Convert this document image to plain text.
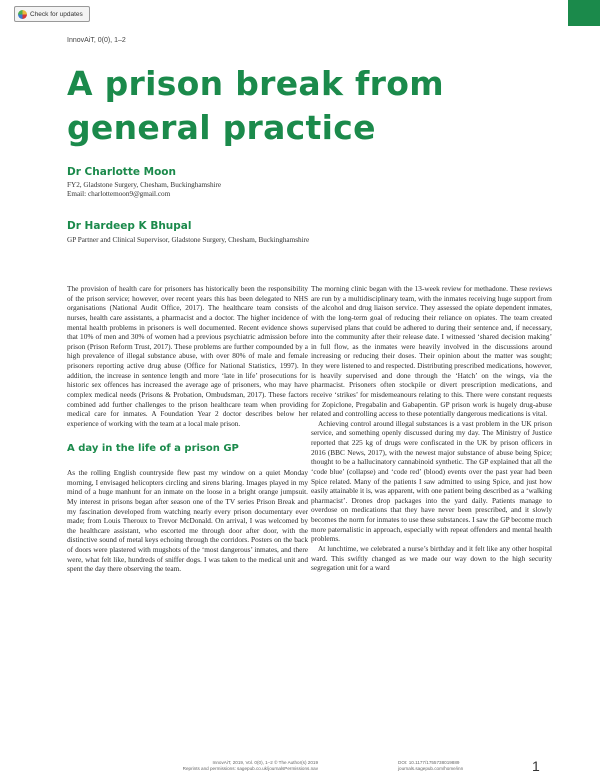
Check for updates
InnovAiT, 0(0), 1–2
A prison break from general practice

Dr Charlotte Moon

FY2, Gladstone Surgery, Chesham, Buckinghamshire

Email: charlottemoon9@gmail.com

Dr Hardeep K Bhupal

GP Partner and Clinical Supervisor, Gladstone Surgery, Chesham, Buckinghamshire

The provision of health care for prisoners has historically been the responsibility of the prison service; however, over recent years this has been delegated to NHS organisations (National Audit Office, 2017). The healthcare team consists of nurses, health care assistants, a pharmacist and a doctor. The higher incidence of mental health problems in prisoners is well documented. Recent evidence shows that 10% of men and 30% of women had a previous psychiatric admission before prison (Prison Reform Trust, 2017). These problems are further compounded by a high prevalence of illegal substance abuse, with over 80% of male and female prisoners reporting active drug abuse (Office for National Statistics, 1997). In addition, the increase in sentence length and more ‘late in life’ prosecutions for historic sex offences has increased the average age of prisoners, who may have complex medical needs (Prisons & Probation, Ombudsman, 2017). These factors combined add further challenges to the prison healthcare team when providing medical care for inmates. A Foundation Year 2 doctor describes below her experience of working with the team at a local male prison.

A day in the life of a prison GP

As the rolling English countryside flew past my window on a quiet Monday morning, I envisaged helicopters circling and sirens blaring. Images played in my mind of a huge manhunt for an inmate on the loose in a bright orange jumpsuit. My interest in prisons began after season one of the TV series Prison Break and my fascination developed from watching nearly every prison documentary ever made; from Louis Theroux to Trevor McDonald. On arrival, I was welcomed by the healthcare assistant, who escorted me through door after door, with the distinctive sound of metal keys echoing through the corridors. Posters on the back of doors were plastered with mugshots of the ‘most dangerous’ inmates, and there were, what felt like, hundreds of sniffer dogs. I was taken to the medical unit and spent the day there observing the team.

The morning clinic began with the 13-week review for methadone. These reviews are run by a multidisciplinary team, with the inmates receiving huge support from the alcohol and drug liaison service. They assessed the opiate dependent inmates, with the long-term goal of reducing their reliance on opiates. The team created supervised plans that could be adhered to during their sentence and, if necessary, into the community after their release date. I witnessed ‘shared decision making’ in full flow, as the inmates were heavily involved in the discussions around increasing or reducing their doses. Their opinion about the matter was sought; they were listened to and respected. Distributing prescribed medications, however, is heavily supervised and done through the ‘Hatch’ on the wings, via the pharmacist. Prisoners often stockpile or divert prescription medications, and receive ‘strikes’ for misdemeanours relating to this. There were constant requests for Zopiclone, Pregabalin and Gabapentin. GP prison work is hugely drug-abuse related and controlling access to these potentially dangerous medications is vital.

Achieving control around illegal substances is a vast problem in the UK prison service, and something openly discussed during my day. The Ministry of Justice reported that 225 kg of drugs were confiscated in the UK by prison officers in 2016 (BBC News, 2017), with the newest major substance of abuse being Spice; thought to be a hallucinatory cannabinoid synthetic. The GP explained that all the ‘code blue’ (collapse) and ‘code red’ (blood) events over the past year had been Spice related. Many of the patients I saw admitted to using Spice, and just how easily attainable it is, was apparent, with one patient being described as a ‘walking pharmacist’. Drones drop packages into the yard daily. Patients manage to overdose on medications that they have never been prescribed, and it slowly becomes the norm for inmates to use these substances. I saw the GP become much more paternalistic in approach, especially with repeat offenders and mental health problems.

At lunchtime, we celebrated a nurse’s birthday and it felt like any other hospital ward. This swiftly changed as we made our way down to the high security segregation unit for a ward

InnovAiT, 2019, Vol. 0(0), 1–2 © The Author(s) 2019
Reprints and permissions: sagepub.co.uk/journalsPermissions.nav
DOI: 10.1177/1755738019889
journals.sagepub.com/home/inn	1
